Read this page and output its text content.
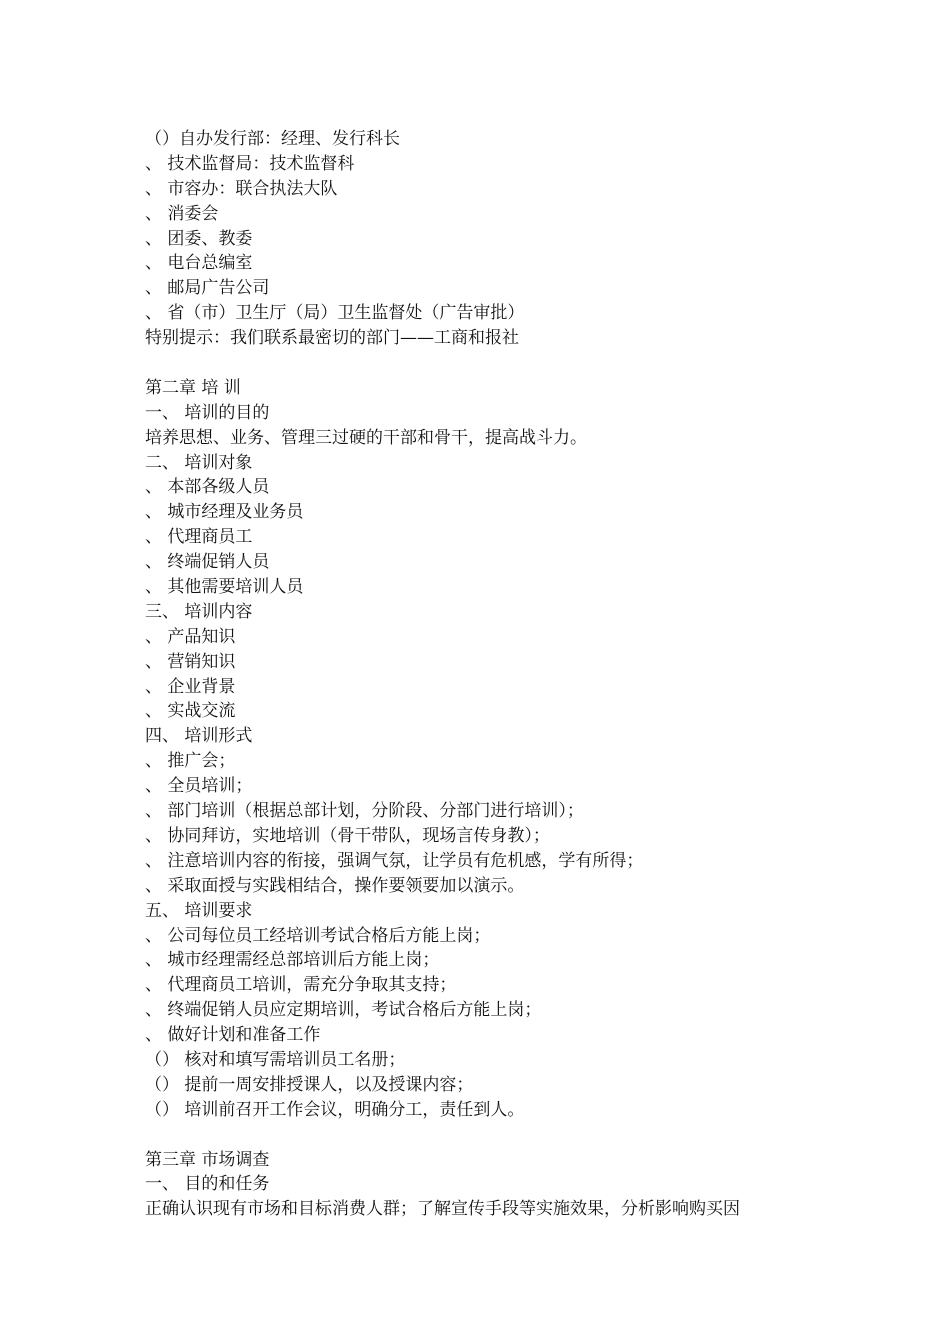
（）自办发行部：经理、发行科长
、 技术监督局：技术监督科
、 市容办：联合执法大队
、 消委会
、 团委、教委
、 电台总编室
、 邮局广告公司
、 省（市）卫生厅（局）卫生监督处（广告审批）
特别提示：我们联系最密切的部门——工商和报社
第二章 培 训
一、 培训的目的
培养思想、业务、管理三过硬的干部和骨干，提高战斗力。
二、 培训对象
、 本部各级人员
、 城市经理及业务员
、 代理商员工
、 终端促销人员
、 其他需要培训人员
三、 培训内容
、 产品知识
、 营销知识
、 企业背景
、 实战交流
四、 培训形式
、 推广会；
、 全员培训；
、 部门培训（根据总部计划，分阶段、分部门进行培训）；
、 协同拜访，实地培训（骨干带队，现场言传身教）；
、 注意培训内容的衔接，强调气氛，让学员有危机感，学有所得；
、 采取面授与实践相结合，操作要领要加以演示。
五、 培训要求
、 公司每位员工经培训考试合格后方能上岗；
、 城市经理需经总部培训后方能上岗；
、 代理商员工培训，需充分争取其支持；
、 终端促销人员应定期培训，考试合格后方能上岗；
、 做好计划和准备工作
（） 核对和填写需培训员工名册；
（） 提前一周安排授课人，以及授课内容；
（） 培训前召开工作会议，明确分工，责任到人。
第三章 市场调查
一、 目的和任务
正确认识现有市场和目标消费人群；了解宣传手段等实施效果，分析影响购买因
